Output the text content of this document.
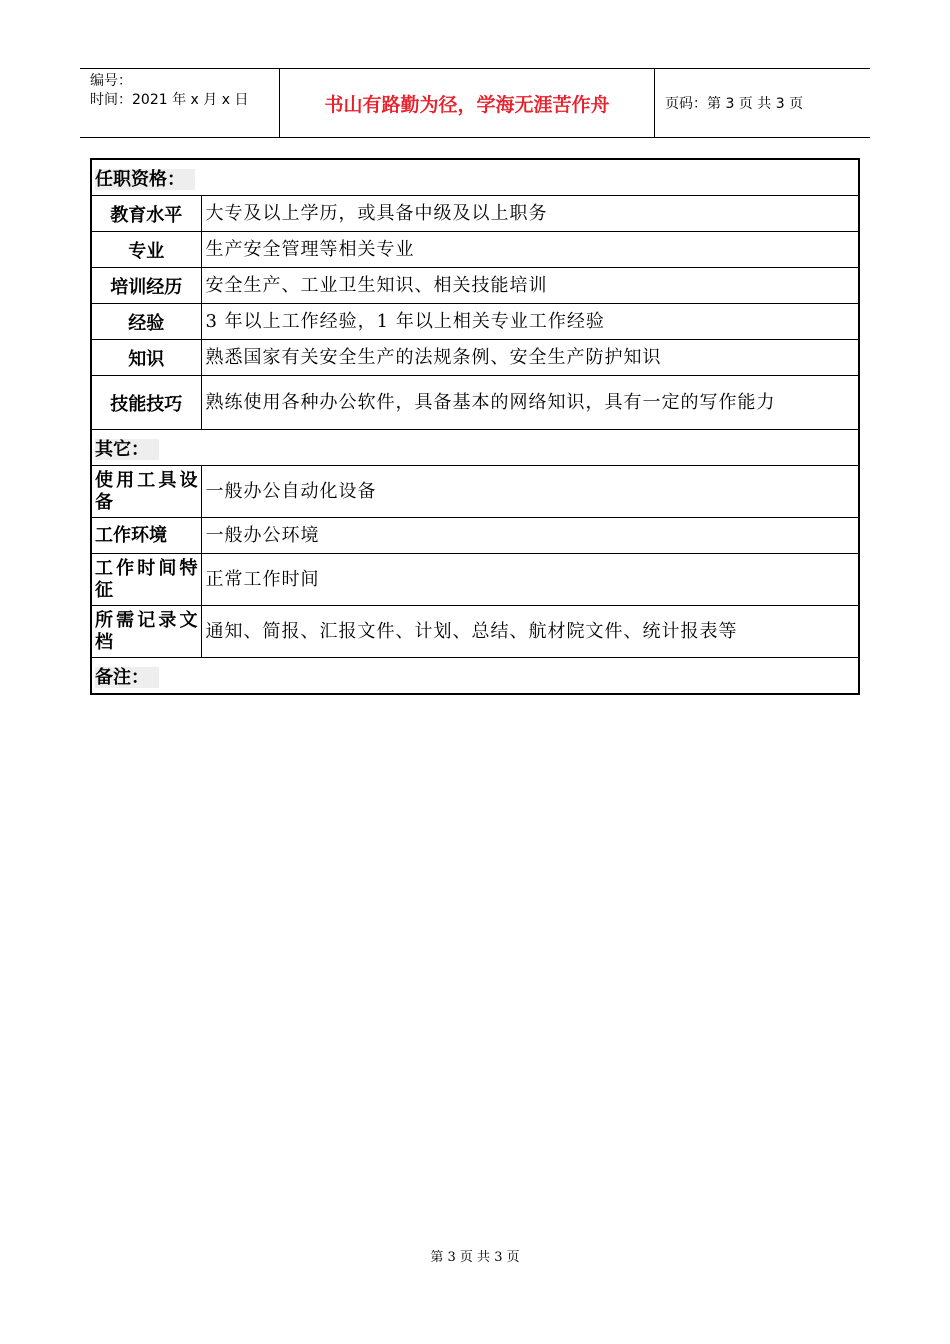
编号：
时间：2021 年 x 月 x 日	书山有路勤为径，学海无涯苦作舟	页码：第 3 页 共 3 页
任职资格：	
教育水平	大专及以上学历，或具备中级及以上职务
专业	生产安全管理等相关专业
培训经历	安全生产、工业卫生知识、相关技能培训
经验	3 年以上工作经验，1 年以上相关专业工作经验
知识	熟悉国家有关安全生产的法规条例、安全生产防护知识
技能技巧	熟练使用各种办公软件，具备基本的网络知识，具有一定的写作能力
其它：	
使用工具设备	一般办公自动化设备
工作环境	一般办公环境
工作时间特征	正常工作时间
所需记录文档	通知、简报、汇报文件、计划、总结、航材院文件、统计报表等
备注：	
第 3 页 共 3 页
